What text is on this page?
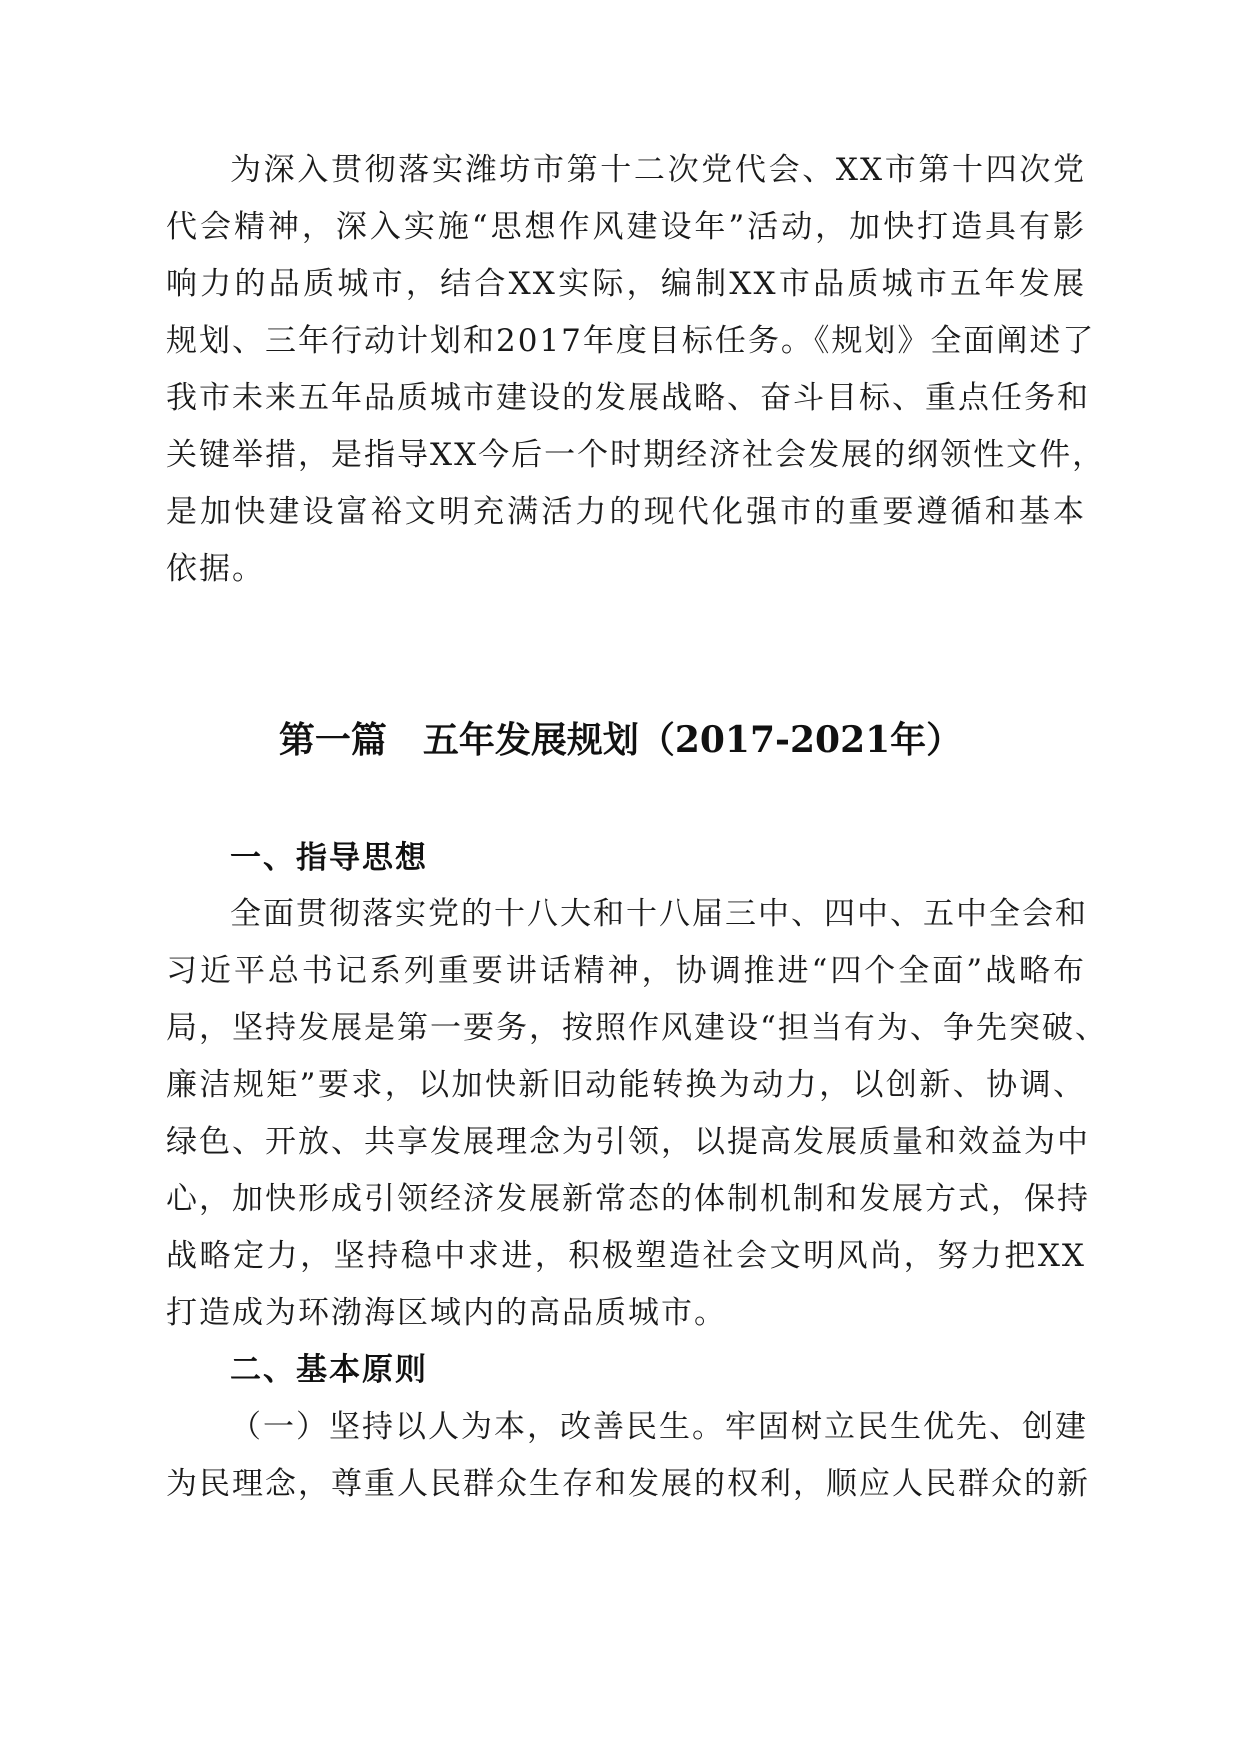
为深入贯彻落实潍坊市第十二次党代会、XX市第十四次党
代会精神，深入实施“思想作风建设年”活动，加快打造具有影
响力的品质城市，结合XX实际，编制XX市品质城市五年发展
规划、三年行动计划和2017年度目标任务。《规划》全面阐述了
我市未来五年品质城市建设的发展战略、奋斗目标、重点任务和
关键举措，是指导XX今后一个时期经济社会发展的纲领性文件，
是加快建设富裕文明充满活力的现代化强市的重要遵循和基本
依据。
第一篇　五年发展规划（2017-2021年）
一、指导思想
全面贯彻落实党的十八大和十八届三中、四中、五中全会和
习近平总书记系列重要讲话精神，协调推进“四个全面”战略布
局，坚持发展是第一要务，按照作风建设“担当有为、争先突破、
廉洁规矩”要求，以加快新旧动能转换为动力，以创新、协调、
绿色、开放、共享发展理念为引领，以提高发展质量和效益为中
心，加快形成引领经济发展新常态的体制机制和发展方式，保持
战略定力，坚持稳中求进，积极塑造社会文明风尚，努力把XX
打造成为环渤海区域内的高品质城市。
二、基本原则
（一）坚持以人为本，改善民生。牢固树立民生优先、创建
为民理念，尊重人民群众生存和发展的权利，顺应人民群众的新
